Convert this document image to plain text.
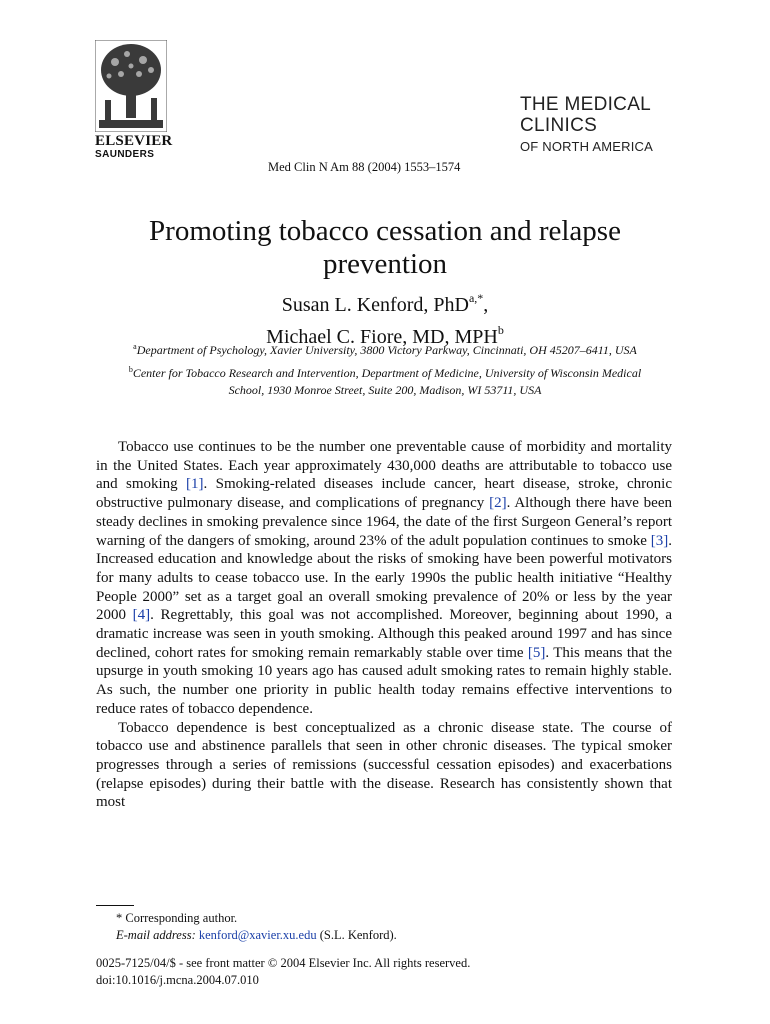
ELSEVIER
SAUNDERS
THE MEDICAL
CLINICS
OF NORTH AMERICA
Med Clin N Am 88 (2004) 1553–1574
Promoting tobacco cessation and relapse prevention
Susan L. Kenford, PhD$^{a,*}$,
Michael C. Fiore, MD, MPH$^b$
$^a$Department of Psychology, Xavier University, 3800 Victory Parkway, Cincinnati, OH 45207–6411, USA
$^b$Center for Tobacco Research and Intervention, Department of Medicine, University of Wisconsin Medical School, 1930 Monroe Street, Suite 200, Madison, WI 53711, USA

Tobacco use continues to be the number one preventable cause of morbidity and mortality in the United States. Each year approximately 430,000 deaths are attributable to tobacco use and smoking [1]. Smoking-related diseases include cancer, heart disease, stroke, chronic obstructive pulmonary disease, and complications of pregnancy [2]. Although there have been steady declines in smoking prevalence since 1964, the date of the first Surgeon General’s report warning of the dangers of smoking, around 23% of the adult population continues to smoke [3]. Increased education and knowledge about the risks of smoking have been powerful motivators for many adults to cease tobacco use. In the early 1990s the public health initiative “Healthy People 2000” set as a target goal an overall smoking prevalence of 20% or less by the year 2000 [4]. Regrettably, this goal was not accomplished. Moreover, beginning about 1990, a dramatic increase was seen in youth smoking. Although this peaked around 1997 and has since declined, cohort rates for smoking remain remarkably stable over time [5]. This means that the upsurge in youth smoking 10 years ago has caused adult smoking rates to remain highly stable. As such, the number one priority in public health today remains effective interventions to reduce rates of tobacco dependence.

Tobacco dependence is best conceptualized as a chronic disease state. The course of tobacco use and abstinence parallels that seen in other chronic diseases. The typical smoker progresses through a series of remissions (successful cessation episodes) and exacerbations (relapse episodes) during their battle with the disease. Research has consistently shown that most

* Corresponding author.
E-mail address: kenford@xavier.xu.edu (S.L. Kenford).
0025-7125/04/$ - see front matter © 2004 Elsevier Inc. All rights reserved.
doi:10.1016/j.mcna.2004.07.010
